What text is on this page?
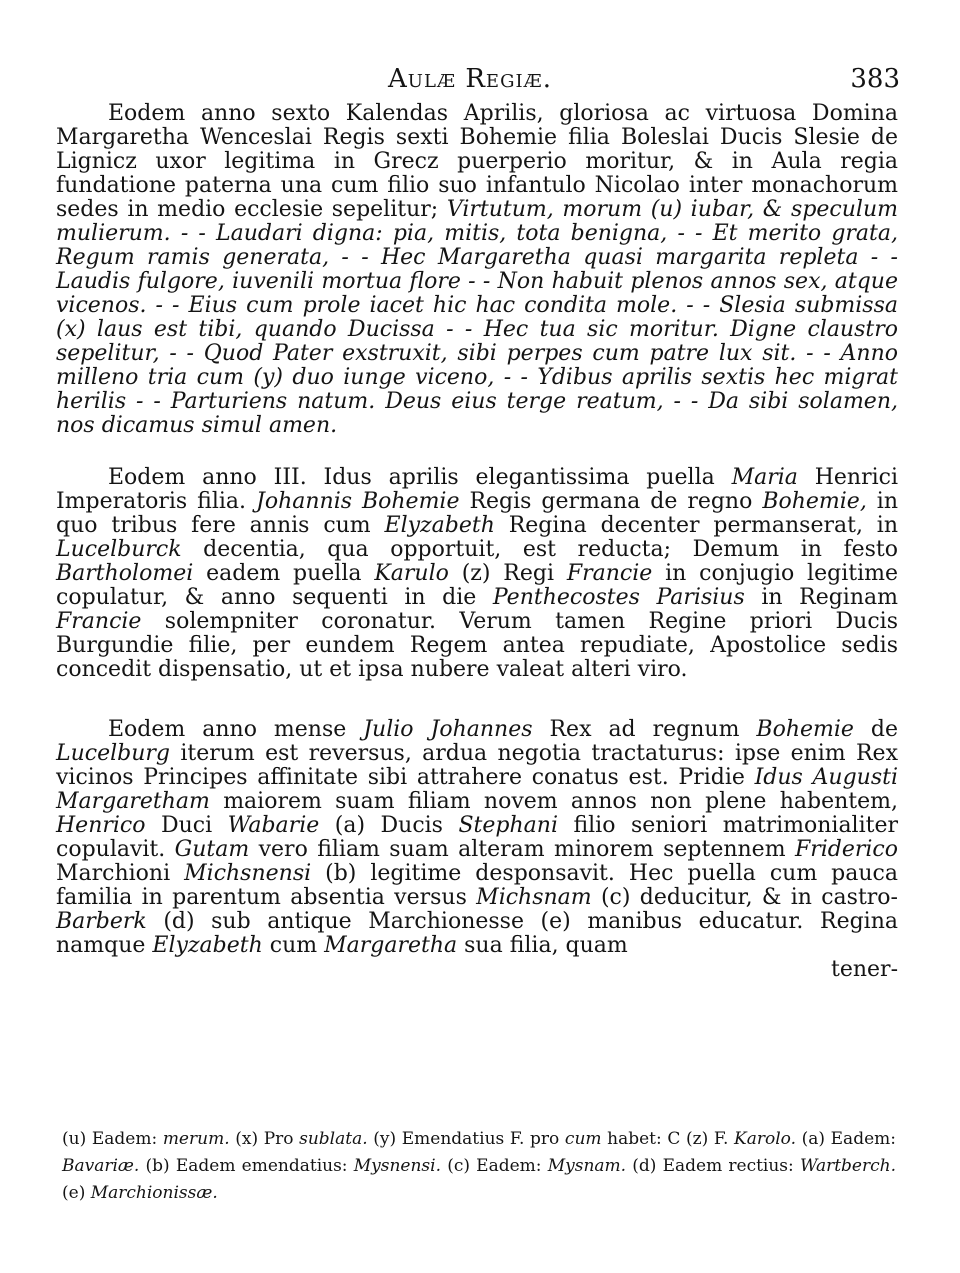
Aulæ Regiæ.	383

Eodem anno sexto Kalendas Aprilis, gloriosa ac virtuosa Domina Margaretha Wenceslai Regis sexti Bohemie filia Boleslai Ducis Slesie de Lignicz uxor legitima in Grecz puerperio moritur, & in Aula regia fundatione paterna una cum filio suo infantulo Nicolao inter monachorum sedes in medio ecclesie sepelitur; Virtutum, morum (u) iubar, & speculum mulierum. - - Laudari digna: pia, mitis, tota benigna, - - Et merito grata, Regum ramis generata, - - Hec Margaretha quasi margarita repleta - - Laudis fulgore, iuvenili mortua flore - - Non habuit plenos annos sex, atque vicenos. - - Eius cum prole iacet hic hac condita mole. - - Slesia submissa (x) laus est tibi, quando Ducissa - - Hec tua sic moritur. Digne claustro sepelitur, - - Quod Pater exstruxit, sibi perpes cum patre lux sit. - - Anno milleno tria cum (y) duo iunge viceno, - - Ydibus aprilis sextis hec migrat herilis - - Parturiens natum. Deus eius terge reatum, - - Da sibi solamen, nos dicamus simul amen.

Eodem anno III. Idus aprilis elegantissima puella Maria Henrici Imperatoris filia. Johannis Bohemie Regis germana de regno Bohemie, in quo tribus fere annis cum Elyzabeth Regina decenter permanserat, in Lucelburck decentia, qua opportuit, est reducta; Demum in festo Bartholomei eadem puella Karulo (z) Regi Francie in conjugio legitime copulatur, & anno sequenti in die Penthecostes Parisius in Reginam Francie solempniter coronatur. Verum tamen Regine priori Ducis Burgundie filie, per eundem Regem antea repudiate, Apostolice sedis concedit dispensatio, ut et ipsa nubere valeat alteri viro.

Eodem anno mense Julio Johannes Rex ad regnum Bohemie de Lucelburg iterum est reversus, ardua negotia tractaturus: ipse enim Rex vicinos Principes affinitate sibi attrahere conatus est. Pridie Idus Augusti Margaretham maiorem suam filiam novem annos non plene habentem, Henrico Duci Wabarie (a) Ducis Stephani filio seniori matrimonialiter copulavit. Gutam vero filiam suam alteram minorem septennem Friderico Marchioni Michsnensi (b) legitime desponsavit. Hec puella cum pauca familia in parentum absentia versus Michsnam (c) deducitur, & in castro-Barberk (d) sub antique Marchionesse (e) manibus educatur. Regina namque Elyzabeth cum Margaretha sua filia, quam

tener-

(u) Eadem: merum. (x) Pro sublata. (y) Emendatius F. pro cum habet: C (z) F. Karolo. (a) Eadem: Bavariæ. (b) Eadem emendatius: Mysnensi. (c) Eadem: Mysnam. (d) Eadem rectius: Wartberch. (e) Marchionissæ.
